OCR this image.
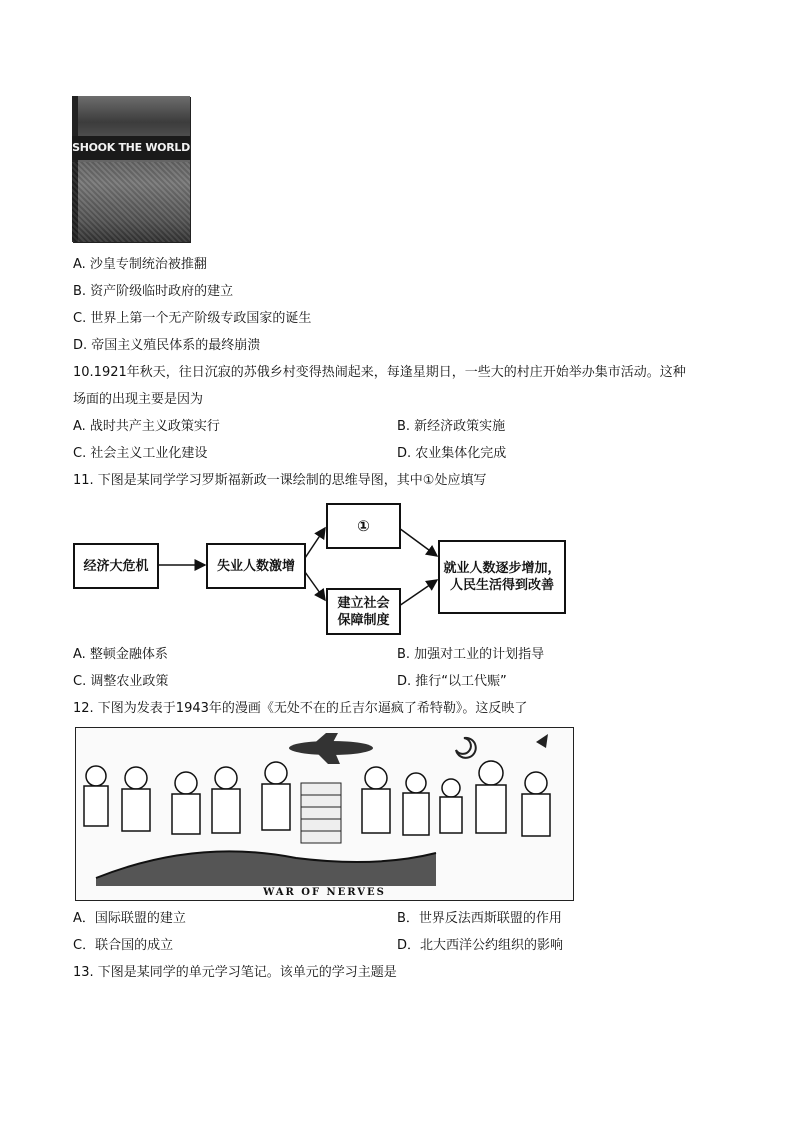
SHOOK THE WORLD
A. 沙皇专制统治被推翻
B. 资产阶级临时政府的建立
C. 世界上第一个无产阶级专政国家的诞生
D. 帝国主义殖民体系的最终崩溃
10.1921年秋天，往日沉寂的苏俄乡村变得热闹起来，每逢星期日，一些大的村庄开始举办集市活动。这种
场面的出现主要是因为
A. 战时共产主义政策实行	B. 新经济政策实施
C. 社会主义工业化建设	D. 农业集体化完成
11. 下图是某同学学习罗斯福新政一课绘制的思维导图，其中①处应填写
经济大危机	失业人数激增
①
建立社会
保障制度
就业人数逐步增加，
人民生活得到改善
A. 整顿金融体系	B. 加强对工业的计划指导
C. 调整农业政策	D. 推行“以工代赈”
12. 下图为发表于1943年的漫画《无处不在的丘吉尔逼疯了希特勒》。这反映了
WAR OF NERVES
A．国际联盟的建立	B．世界反法西斯联盟的作用
C．联合国的成立	D．北大西洋公约组织的影响
13. 下图是某同学的单元学习笔记。该单元的学习主题是
